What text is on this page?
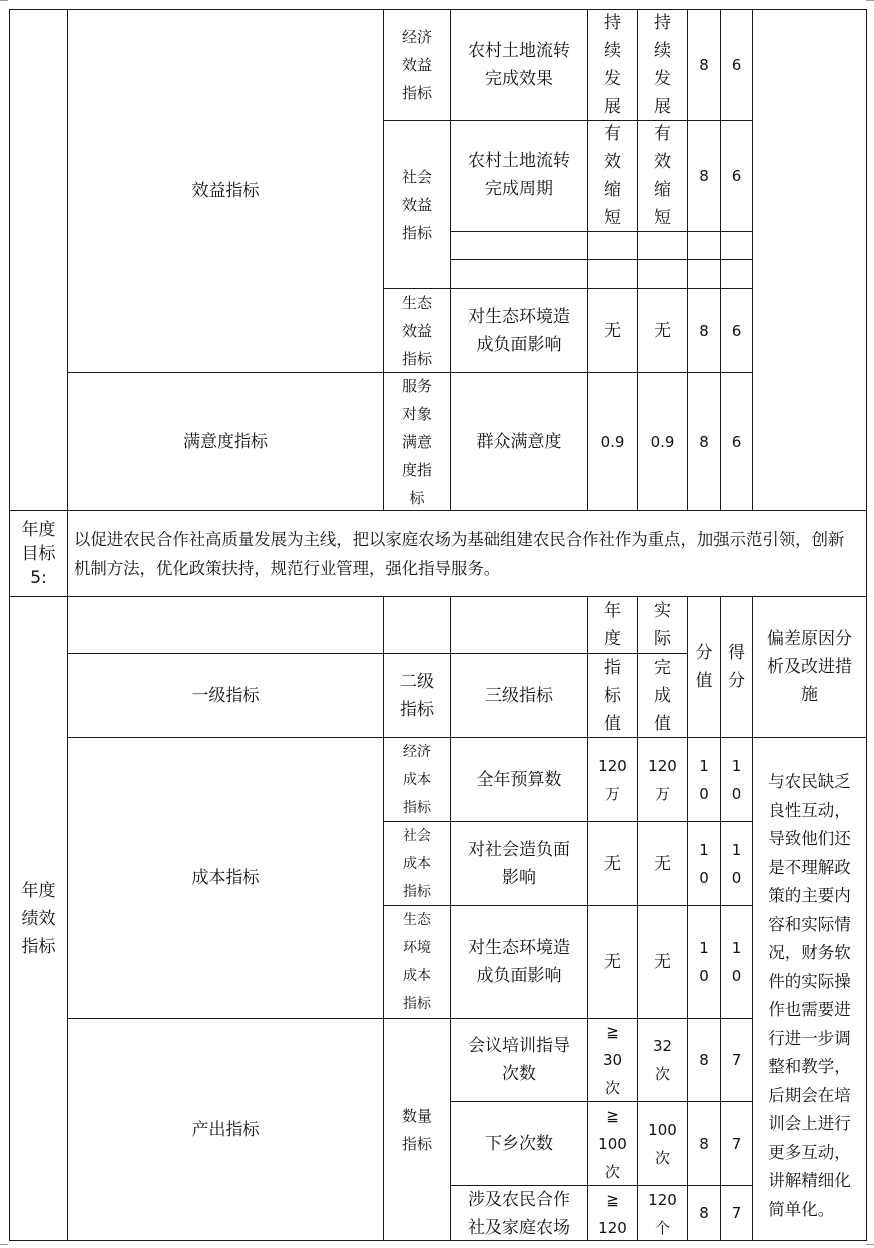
效益指标
经济
效益
指标
农村土地流转
完成效果
持
续
发
展
持
续
发
展
8 6
社会
效益
指标
农村土地流转
完成周期
有
效
缩
短
有
效
缩
短
8 6
生态
效益
指标
对生态环境造
成负面影响
无 无 8 6
满意度指标
服务
对象
满意
度指
标
群众满意度	0.9 0.9 8 6
年度
目标
5:
以促进农民合作社高质量发展为主线，把以家庭农场为基础组建农民合作社作为重点，加强示范引领，创新机制方法，优化政策扶持，规范行业管理，强化指导服务。
年度
绩效
指标
年
度
实
际
分
值
得
分
偏差原因分
析及改进措
施
一级指标
二级
指标
三级指标
指
标
值
完
成
值
成本指标
经济
成本
指标
全年预算数
120
万
120
万
1
0
1
0
社会
成本
指标
对社会造负面
影响
无 无
1
0
1
0
生态
环境
成本
指标
对生态环境造
成负面影响
无 无
1
0
1
0
与农民缺乏
良性互动，
导致他们还
是不理解政
策的主要内
容和实际情
况，财务软
件的实际操
作也需要进
行进一步调
整和教学，
后期会在培
训会上进行
更多互动，
讲解精细化
简单化。
产出指标
数量
指标
会议培训指导
次数
≧
30
次
32
次
8 7
下乡次数
≧
100
次
100
次
8 7
涉及农民合作
社及家庭农场
≧
120
120
个
8 7
